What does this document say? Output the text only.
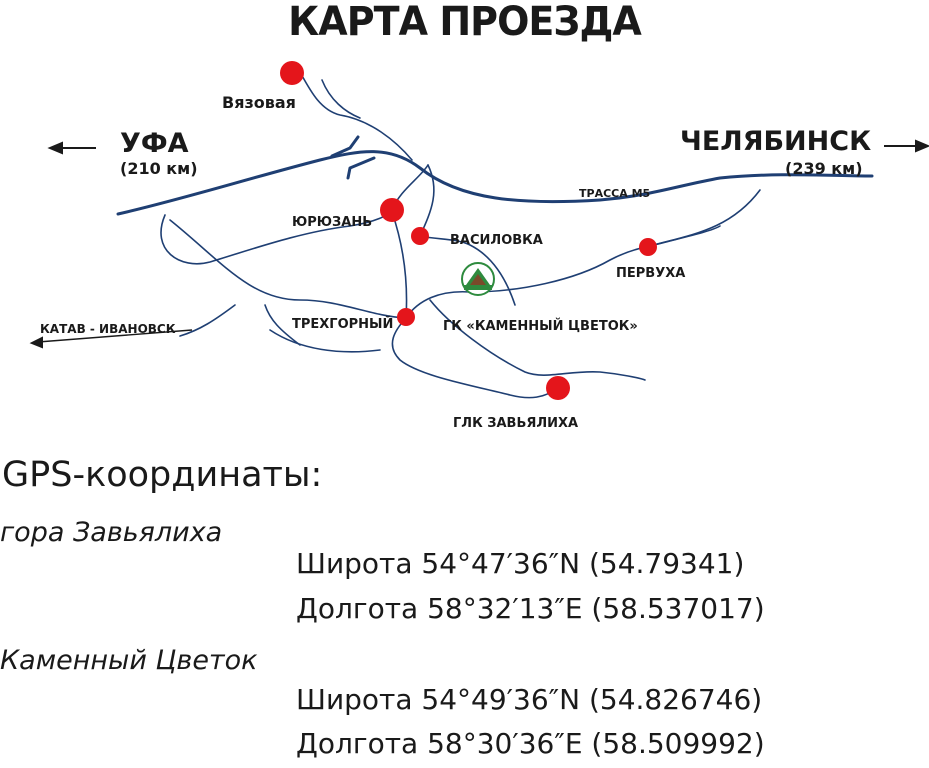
КАРТА ПРОЕЗДА
УФА
(210 км)
ЧЕЛЯБИНСК
(239 км)
ТРАССА М5
КАТАВ - ИВАНОВСК
Вязовая
ЮРЮЗАНЬ
ВАСИЛОВКА
ТРЕХГОРНЫЙ	ГК «КАМЕННЫЙ ЦВЕТОК»
ГЛК ЗАВЬЯЛИХА
ПЕРВУХА
GPS-координаты:
гора Завьялиха
Широта 54°47′36″N (54.79341)
Долгота 58°32′13″E (58.537017)
Каменный Цветок
Широта 54°49′36″N (54.826746)
Долгота 58°30′36″E (58.509992)
